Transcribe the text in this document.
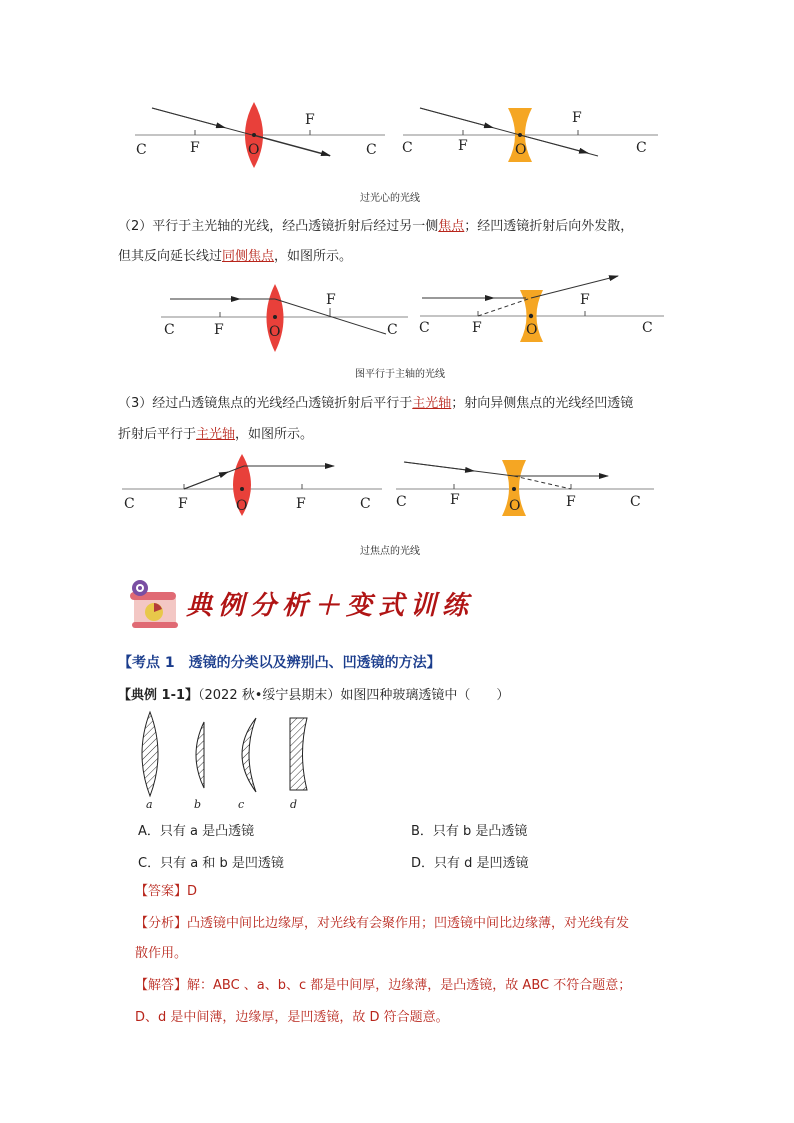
C	F	O
F
C C	F	O
F
C
过光心的光线
（2）平行于主光轴的光线，经凸透镜折射后经过另一侧焦点；经凹透镜折射后向外发散，
但其反向延长线过同侧焦点，如图所示。
C	F	O
F
C C	F	O
F
C
图平行于主轴的光线
（3）经过凸透镜焦点的光线经凸透镜折射后平行于主光轴；射向异侧焦点的光线经凹透镜
折射后平行于主光轴，如图所示。
C	F	O	F	C C	F	O	F	C
过焦点的光线
典例分析＋变式训练
【考点 1　透镜的分类以及辨别凸、凹透镜的方法】
【典例 1-1】（2022 秋•绥宁县期末）如图四种玻璃透镜中（　　）
a	b	c	d
A．只有 a 是凸透镜	B．只有 b 是凸透镜
C．只有 a 和 b 是凹透镜	D．只有 d 是凹透镜
【答案】D
【分析】凸透镜中间比边缘厚，对光线有会聚作用；凹透镜中间比边缘薄，对光线有发
散作用。
【解答】解：ABC 、a、b、c 都是中间厚，边缘薄，是凸透镜，故 ABC 不符合题意；
D、d 是中间薄，边缘厚，是凹透镜，故 D 符合题意。
